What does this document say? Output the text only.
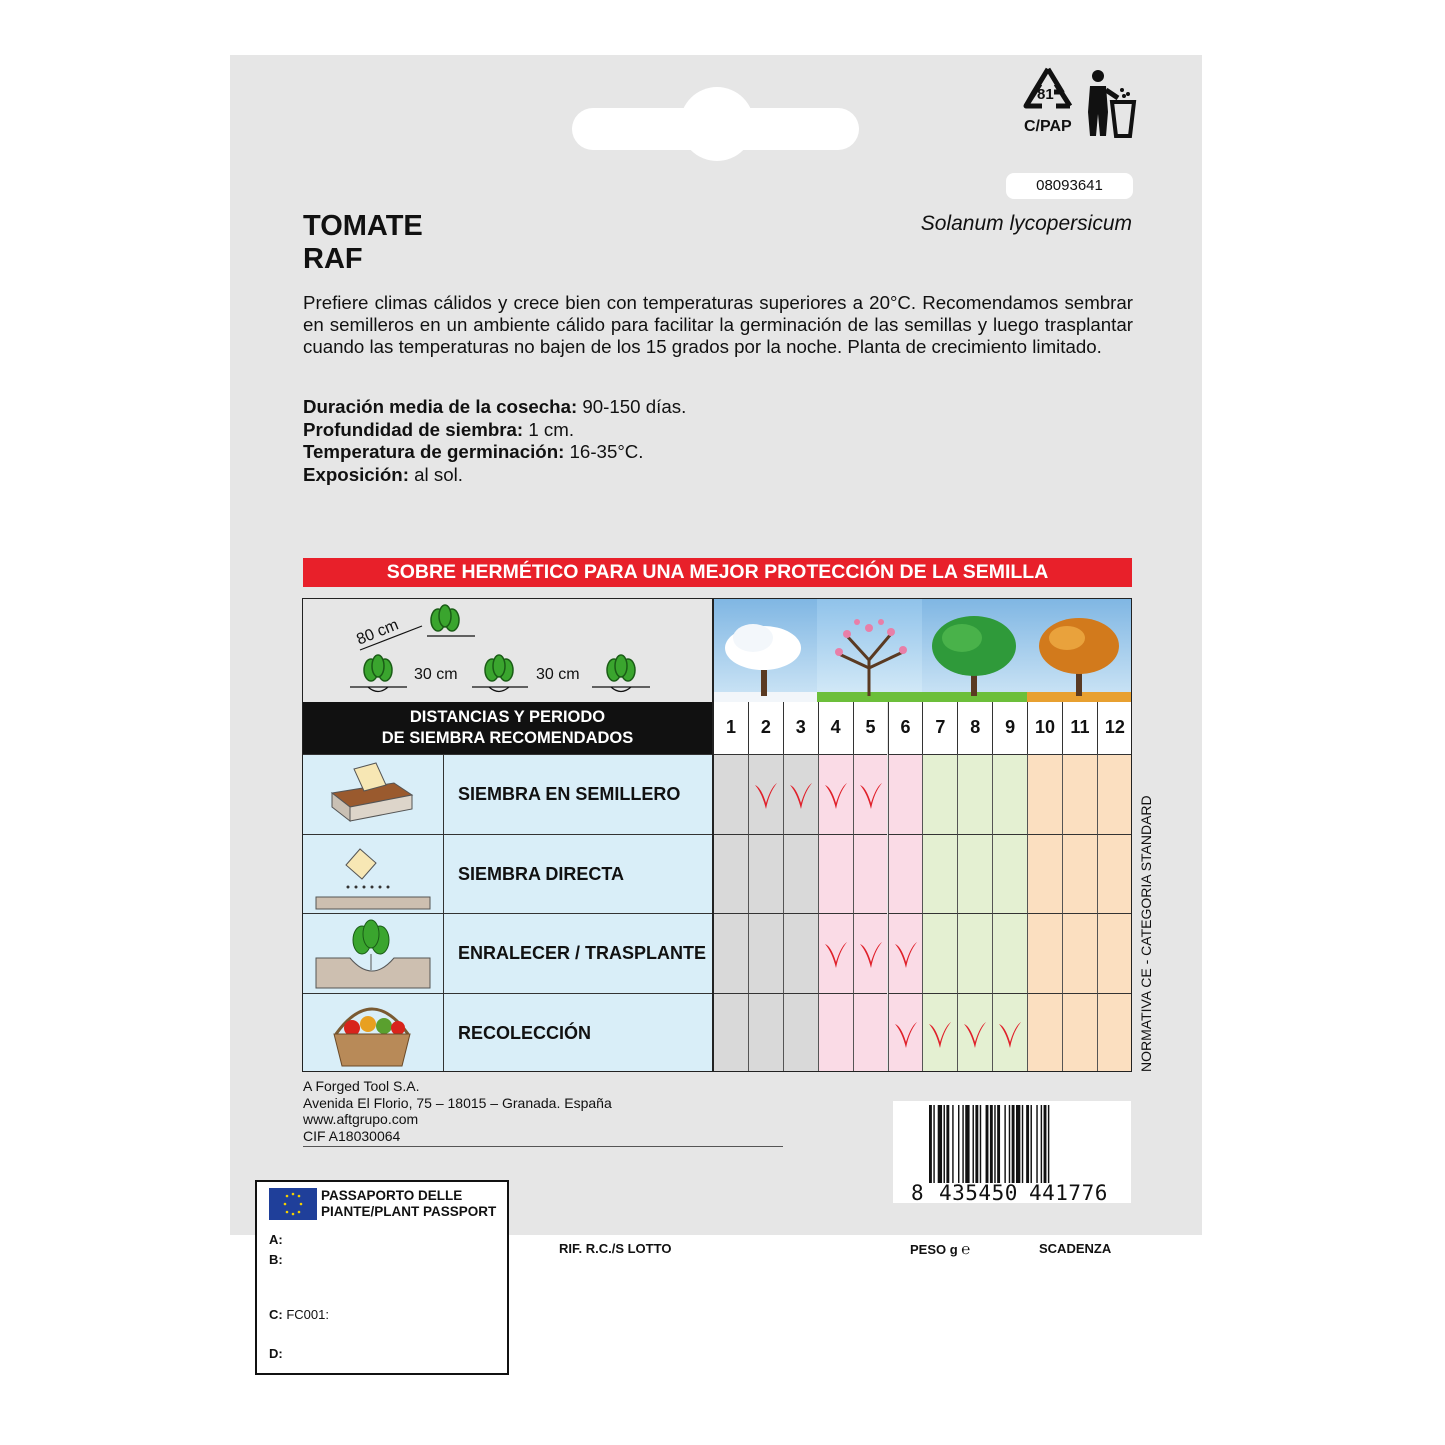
81
C/PAP
08093641
TOMATE
RAF
Solanum lycopersicum
Prefiere climas cálidos y crece bien con temperaturas superiores a 20°C. Recomendamos sembrar en semilleros en un ambiente cálido para facilitar la germinación de las semillas y luego trasplantar cuando las temperaturas no bajen de los 15 grados por la noche. Planta de crecimiento limitado.
Duración media de la cosecha: 90-150 días.
Profundidad de siembra: 1 cm.
Temperatura de germinación: 16-35°C.
Exposición: al sol.
SOBRE HERMÉTICO PARA UNA MEJOR PROTECCIÓN DE LA SEMILLA
80 cm
30 cm	30 cm
DISTANCIAS Y PERIODO
DE SIEMBRA RECOMENDADOS
1	2	3	4	5	6	7	8	9	10 11 12
SIEMBRA EN SEMILLERO
SIEMBRA DIRECTA
ENRALECER / TRASPLANTE
RECOLECCIÓN	NORMATIVA CE - CATEGORIA STANDARD
A Forged Tool S.A.
Avenida El Florio, 75 – 18015 – Granada. España
www.aftgrupo.com
CIF A18030064
8 435450 441776
PASSAPORTO DELLE
PIANTE/PLANT PASSPORT
A:
B:
C: FC001:
D:
RIF. R.C./S LOTTO	PESO g ℮	SCADENZA
